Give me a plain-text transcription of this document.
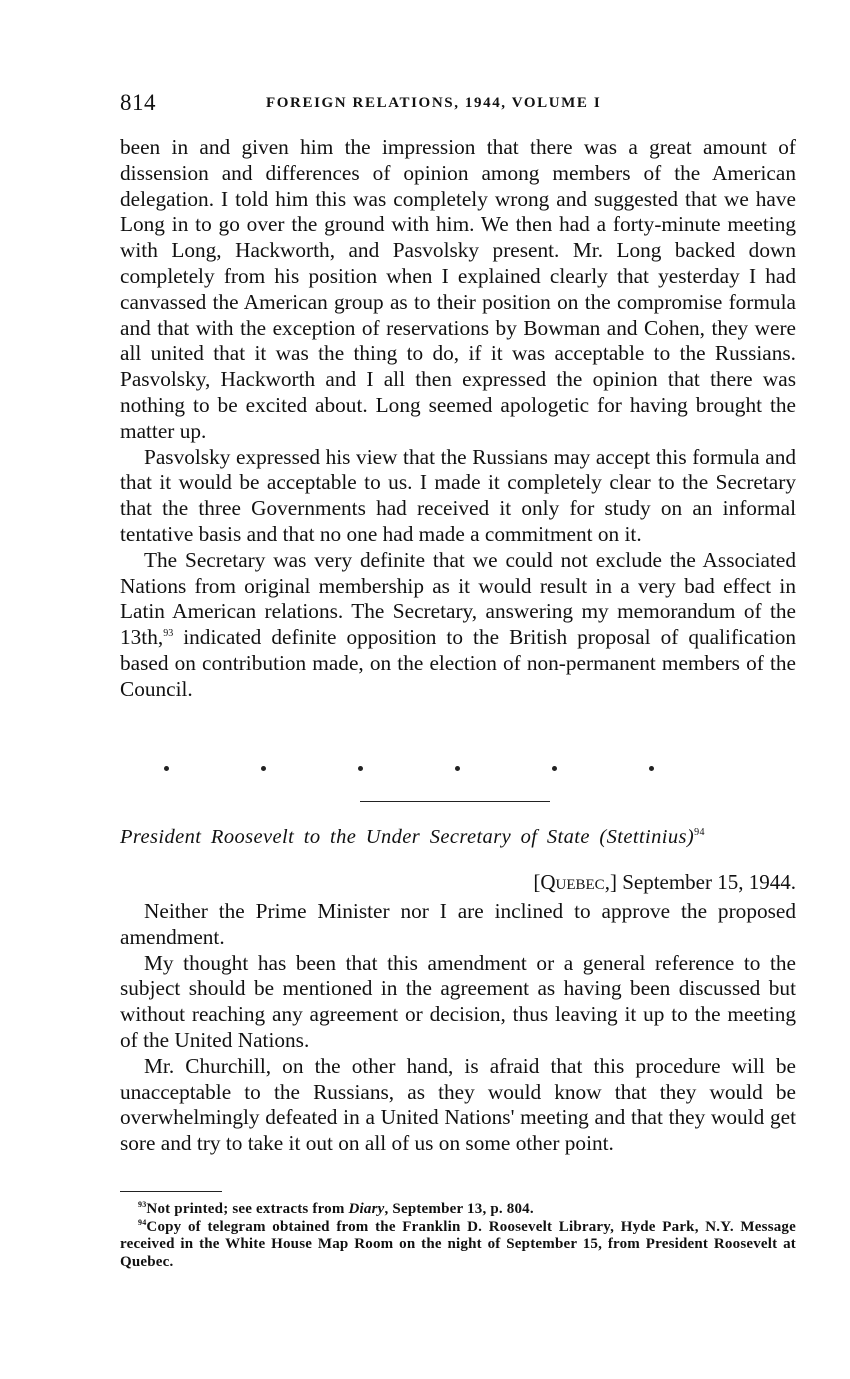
814	FOREIGN RELATIONS, 1944, VOLUME I

been in and given him the impression that there was a great amount of dissension and differences of opinion among members of the American delegation. I told him this was completely wrong and suggested that we have Long in to go over the ground with him. We then had a forty-minute meeting with Long, Hackworth, and Pasvolsky present. Mr. Long backed down completely from his position when I explained clearly that yesterday I had canvassed the American group as to their position on the compromise formula and that with the exception of reservations by Bowman and Cohen, they were all united that it was the thing to do, if it was acceptable to the Russians. Pasvolsky, Hackworth and I all then expressed the opinion that there was nothing to be excited about. Long seemed apologetic for having brought the matter up.

Pasvolsky expressed his view that the Russians may accept this formula and that it would be acceptable to us. I made it completely clear to the Secretary that the three Governments had received it only for study on an informal tentative basis and that no one had made a commitment on it.

The Secretary was very definite that we could not exclude the Associated Nations from original membership as it would result in a very bad effect in Latin American relations. The Secretary, answering my memorandum of the 13th,$^{93}$ indicated definite opposition to the British proposal of qualification based on contribution made, on the election of non-permanent members of the Council.

President Roosevelt to the Under Secretary of State (Stettinius)$^{94}$
[Quebec,] September 15, 1944.

Neither the Prime Minister nor I are inclined to approve the proposed amendment.

My thought has been that this amendment or a general reference to the subject should be mentioned in the agreement as having been discussed but without reaching any agreement or decision, thus leaving it up to the meeting of the United Nations.

Mr. Churchill, on the other hand, is afraid that this procedure will be unacceptable to the Russians, as they would know that they would be overwhelmingly defeated in a United Nations' meeting and that they would get sore and try to take it out on all of us on some other point.

$^{93}$Not printed; see extracts from Diary, September 13, p. 804.

$^{94}$Copy of telegram obtained from the Franklin D. Roosevelt Library, Hyde Park, N.Y. Message received in the White House Map Room on the night of September 15, from President Roosevelt at Quebec.
